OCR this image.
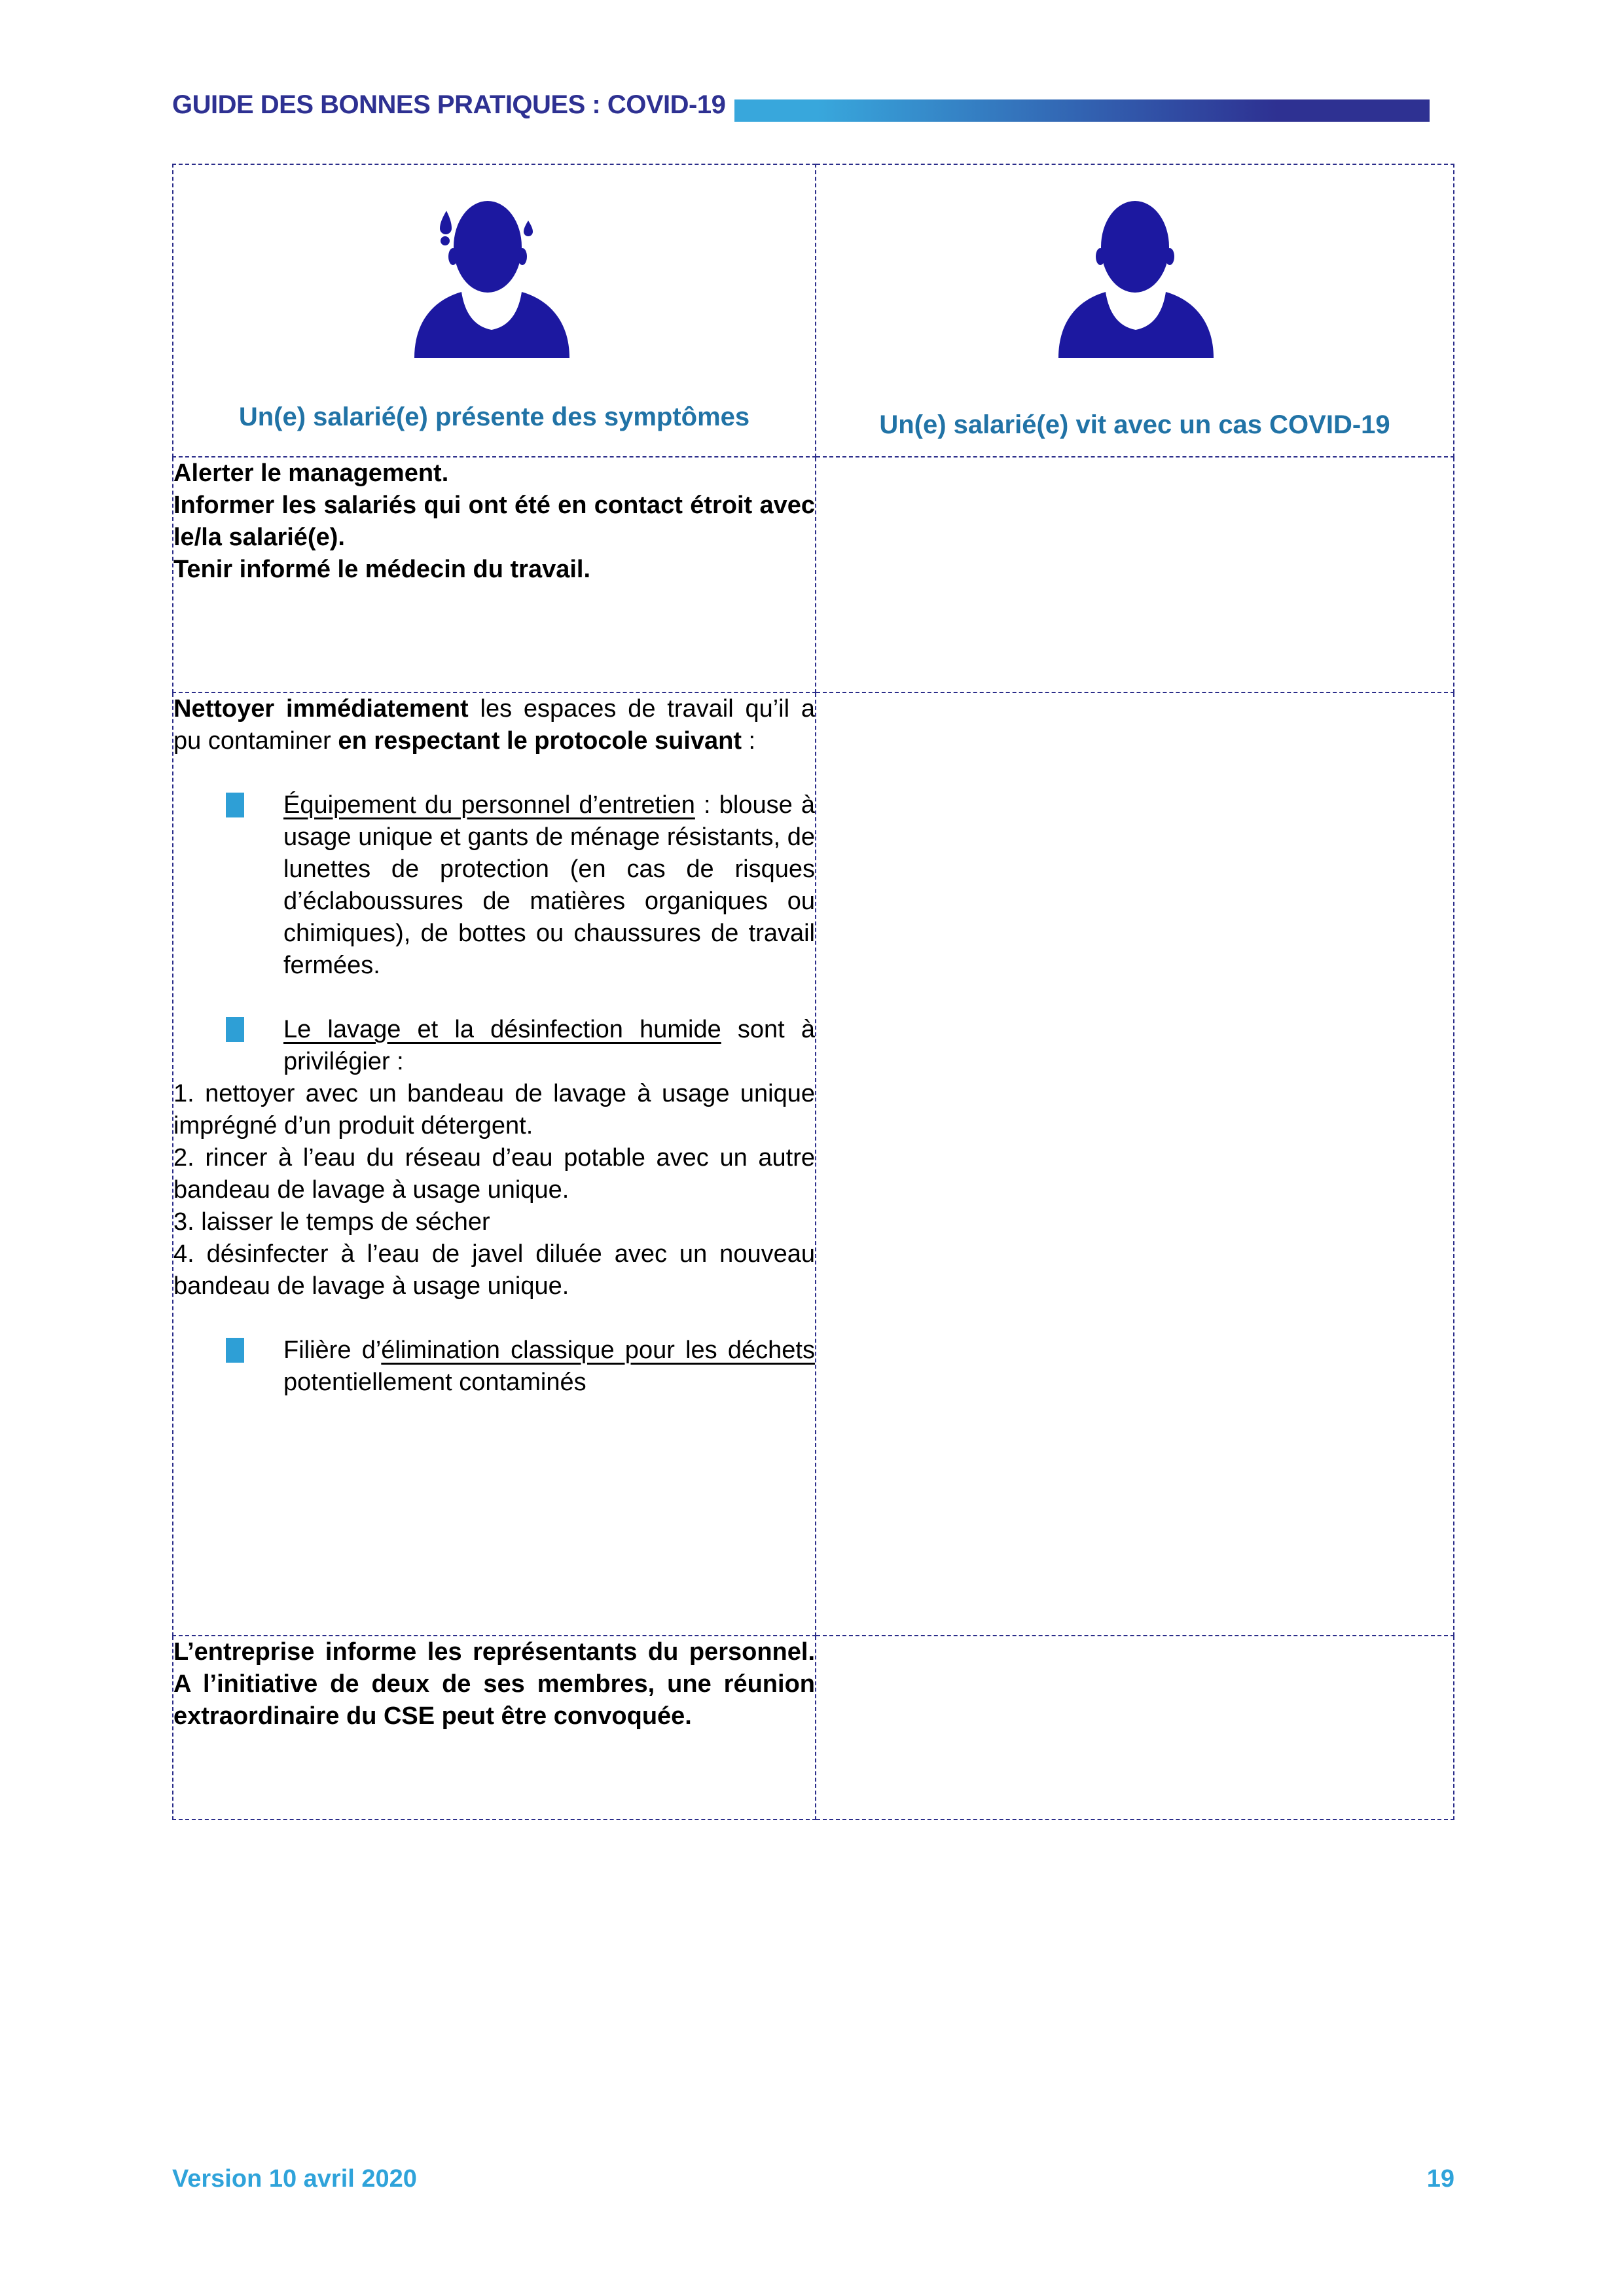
GUIDE DES BONNES PRATIQUES : COVID-19
Un(e) salarié(e) présente des symptômes	Un(e) salarié(e) vit avec un cas COVID-19

Alerter le management.

Informer les salariés qui ont été en contact étroit avec le/la salarié(e).

Tenir informé le médecin du travail.	

Nettoyer immédiatement les espaces de travail qu’il a pu contaminer en respectant le protocole suivant :

Équipement du personnel d’entretien : blouse à usage unique et gants de ménage résistants, de lunettes de protection (en cas de risques d’éclaboussures de matières organiques ou chimiques), de bottes ou chaussures de travail fermées.
Le lavage et la désinfection humide sont à privilégier :

1. nettoyer avec un bandeau de lavage à usage unique imprégné d’un produit détergent.

2. rincer à l’eau du réseau d’eau potable avec un autre bandeau de lavage à usage unique.

3. laisser le temps de sécher

4. désinfecter à l’eau de javel diluée avec un nouveau bandeau de lavage à usage unique.

Filière d’élimination classique pour les déchets potentiellement contaminés

L’entreprise informe les représentants du personnel. A l’initiative de deux de ses membres, une réunion extraordinaire du CSE peut être convoquée.	

Version 10 avril 2020	19
